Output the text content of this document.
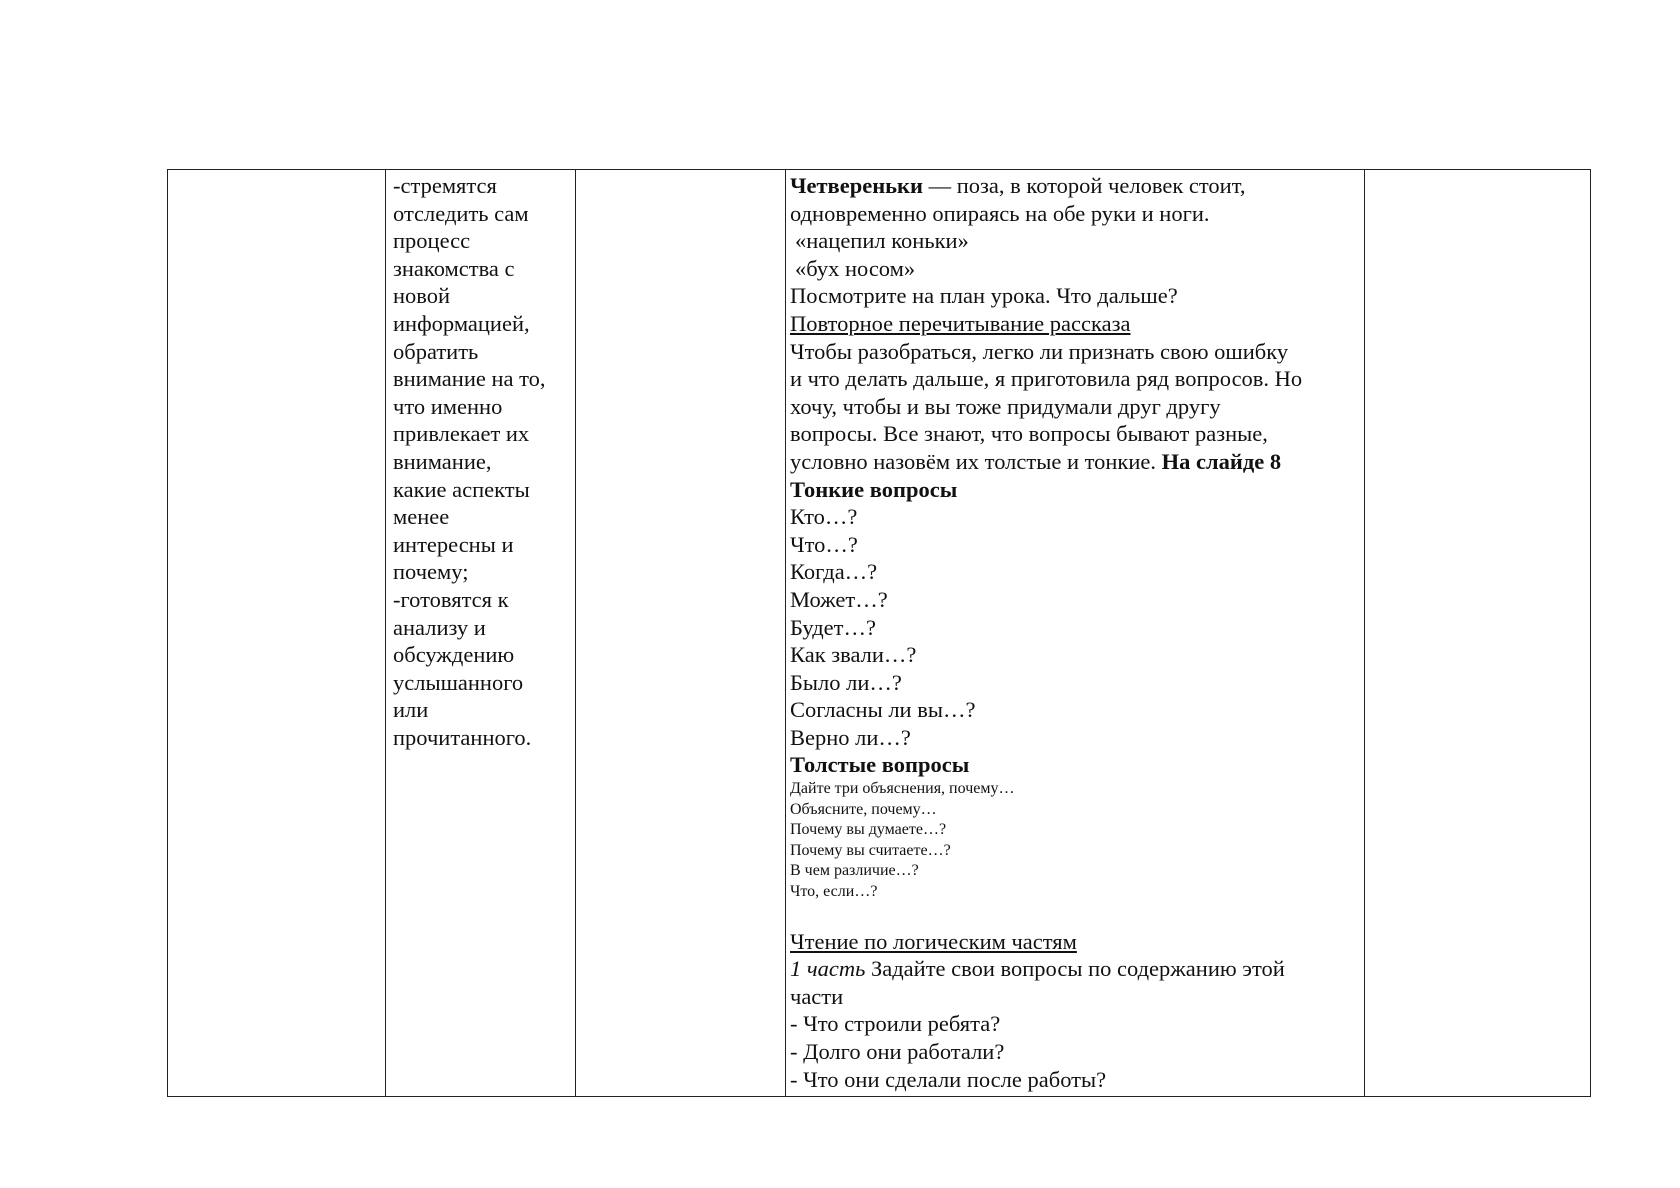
-стремятся
отследить сам
процесс
знакомства с
новой
информацией,
обратить
внимание на то,
что именно
привлекает их
внимание,
какие аспекты
менее
интересны и
почему;
-готовятся к
анализу и
обсуждению
услышанного
или
прочитанного.
Четвереньки — поза, в которой человек стоит,
одновременно опираясь на обе руки и ноги.
«нацепил коньки»
«бух носом»
Посмотрите на план урока. Что дальше?
Повторное перечитывание рассказа
Чтобы разобраться, легко ли признать свою ошибку
и что делать дальше, я приготовила ряд вопросов. Но
хочу, чтобы и вы тоже придумали друг другу
вопросы. Все знают, что вопросы бывают разные,
условно назовём их толстые и тонкие. На слайде 8
Тонкие вопросы
Кто…?
Что…?
Когда…?
Может…?
Будет…?
Как звали…?
Было ли…?
Согласны ли вы…?
Верно ли…?
Толстые вопросы
Дайте три объяснения, почему…
Объясните, почему…
Почему вы думаете…?
Почему вы считаете…?
В чем различие…?
Что, если…?
Чтение по логическим частям
1 часть Задайте свои вопросы по содержанию этой
части
- Что строили ребята?
- Долго они работали?
- Что они сделали после работы?
